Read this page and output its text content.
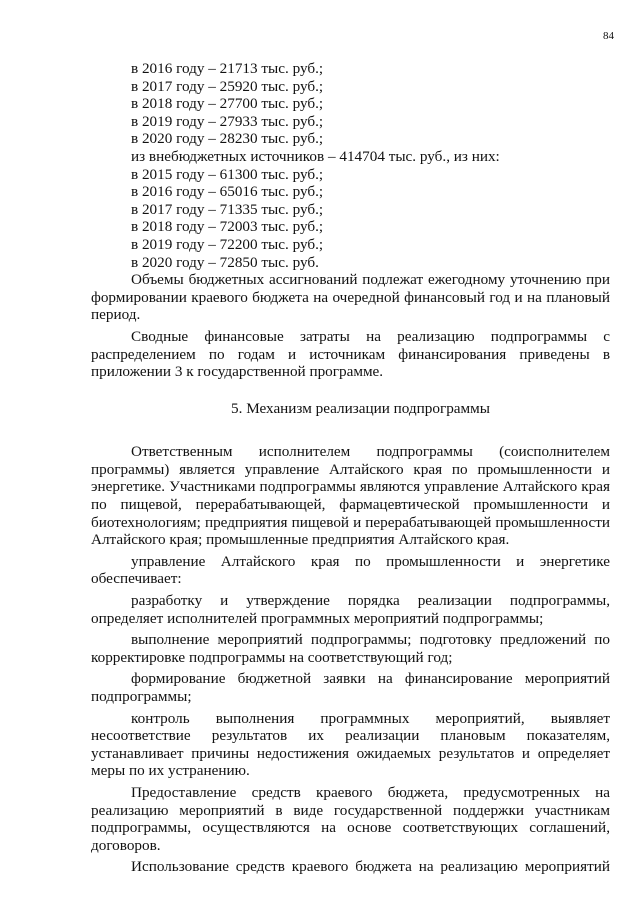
84
в 2016 году – 21713 тыс. руб.;
в 2017 году – 25920 тыс. руб.;
в 2018 году – 27700 тыс. руб.;
в 2019 году – 27933 тыс. руб.;
в 2020 году – 28230 тыс. руб.;
из внебюджетных источников – 414704 тыс. руб., из них:
в 2015 году – 61300 тыс. руб.;
в 2016 году – 65016 тыс. руб.;
в 2017 году – 71335 тыс. руб.;
в 2018 году – 72003 тыс. руб.;
в 2019 году – 72200 тыс. руб.;
в 2020 году – 72850 тыс. руб.

Объемы бюджетных ассигнований подлежат ежегодному уточнению при формировании краевого бюджета на очередной финансовый год и на плановый период.

Сводные финансовые затраты на реализацию подпрограммы с распределением по годам и источникам финансирования приведены в приложении 3 к государственной программе.

5. Механизм реализации подпрограммы

Ответственным исполнителем подпрограммы (соисполнителем программы) является управление Алтайского края по промышленности и энергетике. Участниками подпрограммы являются управление Алтайского края по пищевой, перерабатывающей, фармацевтической промышленности и биотехнологиям; предприятия пищевой и перерабатывающей промышленности Алтайского края; промышленные предприятия Алтайского края.

управление Алтайского края по промышленности и энергетике обеспечивает:

разработку и утверждение порядка реализации подпрограммы, определяет исполнителей программных мероприятий подпрограммы;

выполнение мероприятий подпрограммы; подготовку предложений по корректировке подпрограммы на соответствующий год;

формирование бюджетной заявки на финансирование мероприятий подпрограммы;

контроль выполнения программных мероприятий, выявляет несоответствие результатов их реализации плановым показателям, устанавливает причины недостижения ожидаемых результатов и определяет меры по их устранению.

Предоставление средств краевого бюджета, предусмотренных на реализацию мероприятий в виде государственной поддержки участникам подпрограммы, осуществляются на основе соответствующих соглашений, договоров.

Использование средств краевого бюджета на реализацию мероприятий
